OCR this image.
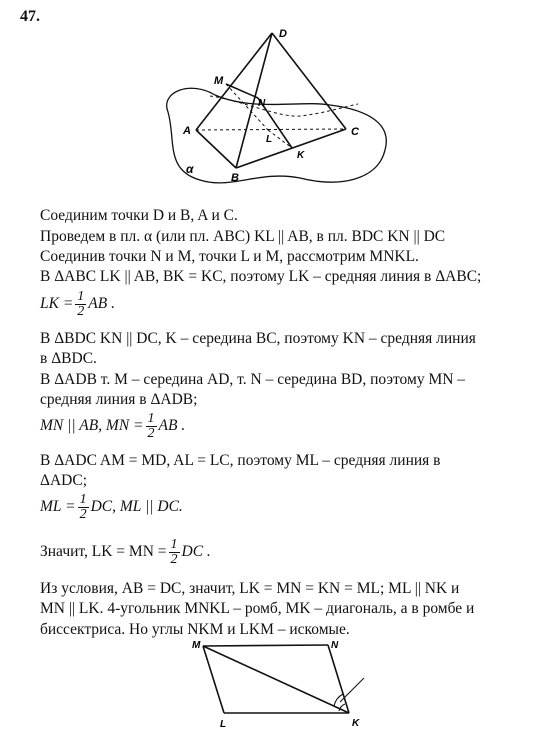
47.
D
M
N
A
L
C
K
B
α
Соединим точки D и B, A и C.
Проведем в пл. α (или пл. ABC) KL || AB, в пл. BDC KN || DC
Соединив точки N и M, точки L и M, рассмотрим MNKL.
В ΔABC LK || AB, BK = KC, поэтому LK – средняя линия в ΔABC;
LK = $\frac{1}{2}$ AB .
В ΔBDC KN || DC, K – середина BC, поэтому KN – средняя линия
в ΔBDC.
В ΔADB т. M – середина AD, т. N – середина BD, поэтому MN –
средняя линия в ΔADB;
MN || AB, MN = $\frac{1}{2}$ AB .
В ΔADC AM = MD, AL = LC, поэтому ML – средняя линия в
ΔADC;
ML = $\frac{1}{2}$ DC, ML || DC.
Значит, LK = MN = $\frac{1}{2}$ DC .
Из условия, AB = DC, значит, LK = MN = KN = ML; ML || NK и
MN || LK. 4-угольник MNKL – ромб, MK – диагональ, а в ромбе и
биссектриса. Но углы NKM и LKM – искомые.
M	N
L	K
